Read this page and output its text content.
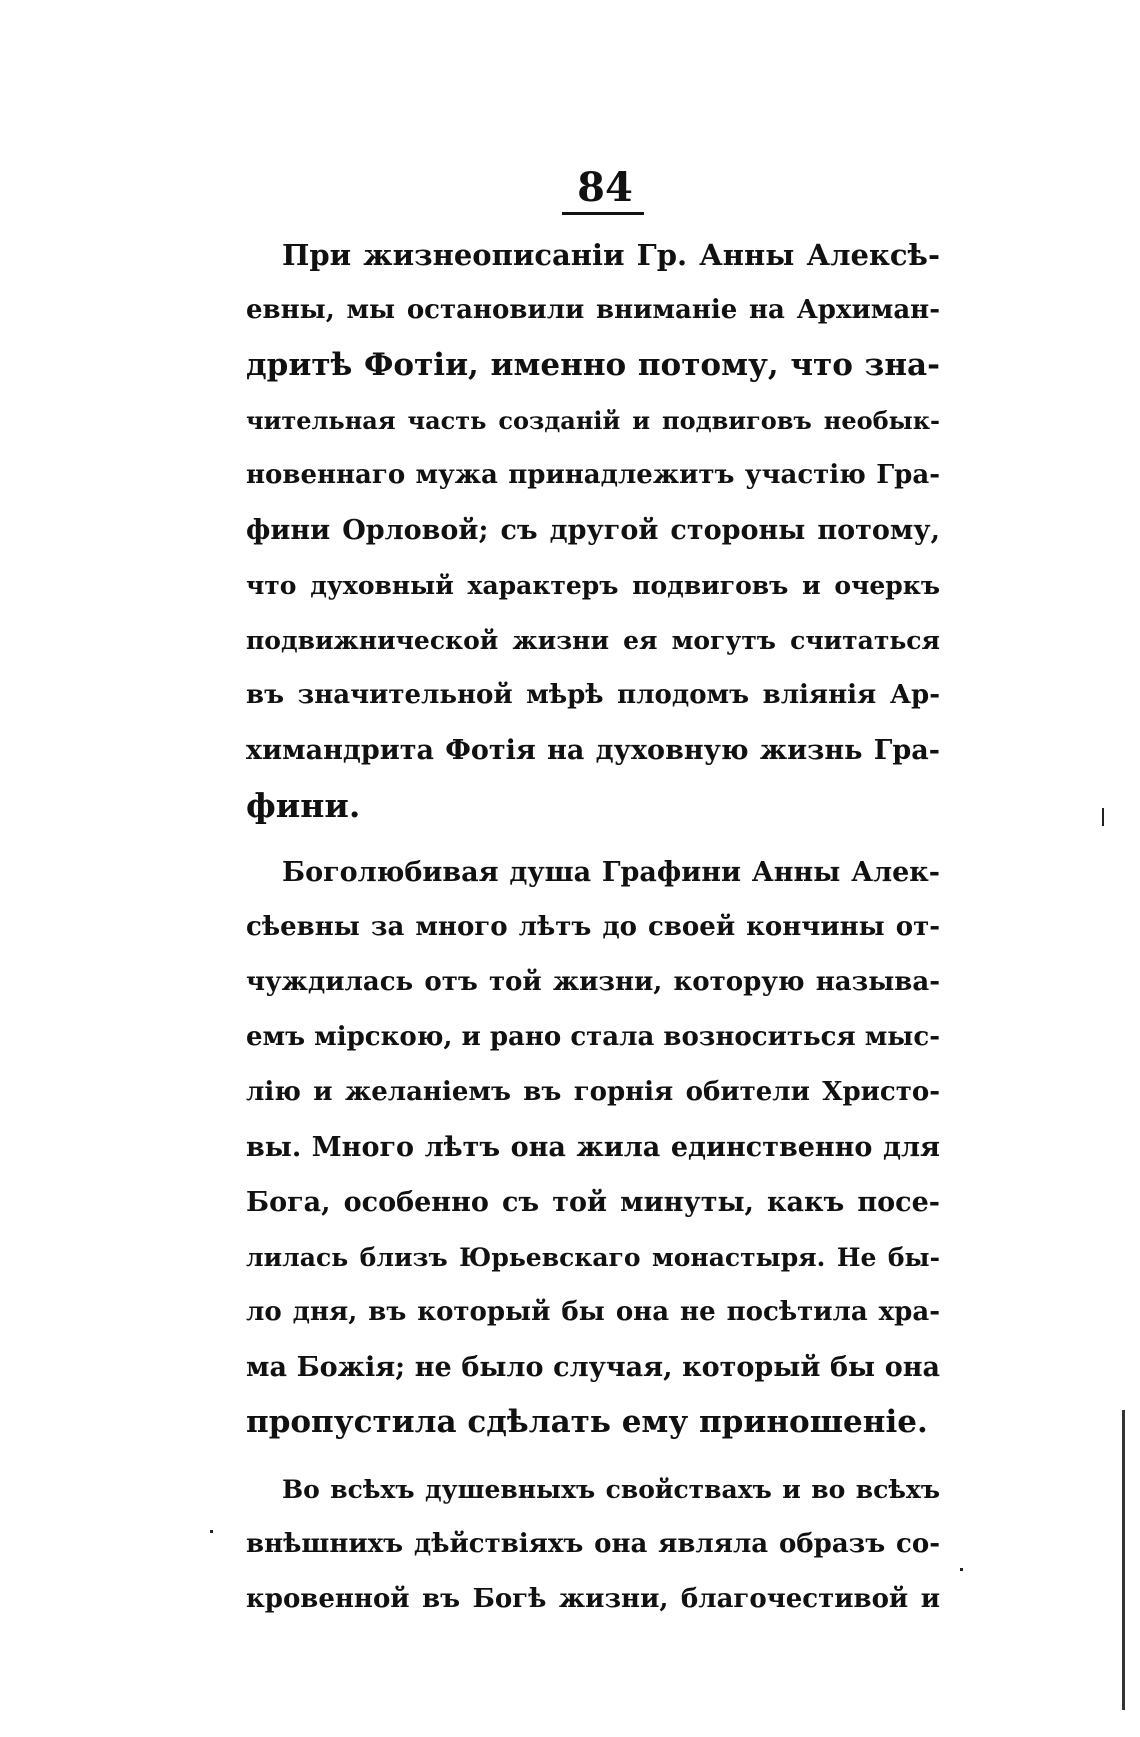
84
При жизнеописаніи Гр. Анны Алексѣ-
евны, мы остановили вниманіе на Архиман-
дритѣ Фотіи, именно потому, что зна-
чительная часть созданій и подвиговъ необык-
новеннаго мужа принадлежитъ участію Гра-
фини Орловой; съ другой стороны потому,
что духовный характеръ подвиговъ и очеркъ
подвижнической жизни ея могутъ считаться
въ значительной мѣрѣ плодомъ вліянія Ар-
химандрита Фотія на духовную жизнь Гра-
фини.
Боголюбивая душа Графини Анны Алек-
сѣевны за много лѣтъ до своей кончины от-
чуждилась отъ той жизни, которую называ-
емъ мірскою, и рано стала возноситься мыс-
лію и желаніемъ въ горнія обители Христо-
вы. Много лѣтъ она жила единственно для
Бога, особенно съ той минуты, какъ посе-
лилась близъ Юрьевскаго монастыря. Не бы-
ло дня, въ который бы она не посѣтила хра-
ма Божія; не было случая, который бы она
пропустила сдѣлать ему приношеніе.
Во всѣхъ душевныхъ свойствахъ и во всѣхъ
внѣшнихъ дѣйствіяхъ она являла образъ со-
кровенной въ Богѣ жизни, благочестивой и
